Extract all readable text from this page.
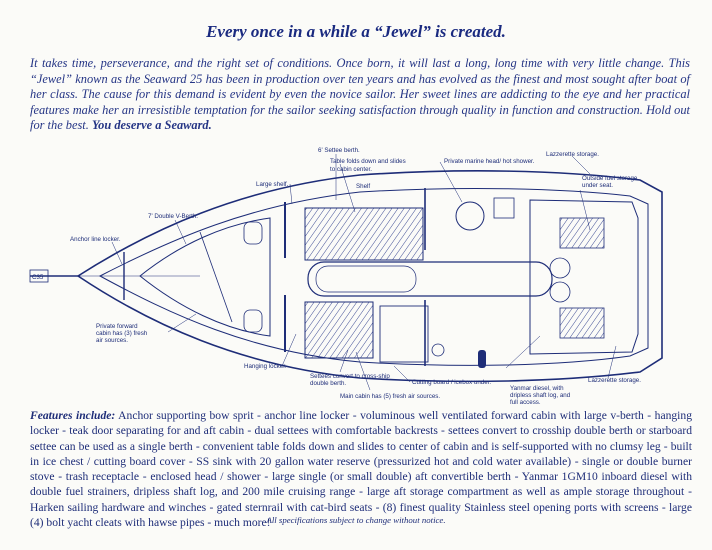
Every once in a while a “Jewel” is created.
It takes time, perseverance, and the right set of conditions. Once born, it will last a long, long time with very little change. This “Jewel” known as the Seaward 25 has been in production over ten years and has evolved as the finest and most sought after boat of her class. The cause for this demand is evident by even the novice sailor. Her sweet lines are addicting to the eye and her practical features make her an irresistible temptation for the sailor seeking satisfaction through quality in function and construction. Hold out for the best. You deserve a Seaward.
C35
6' Settee berth.
Table folds down and slides
to cabin center.
Private marine head/ hot shower.
Lazzerette storage.
Large shelf.	Shelf
Outside fuel storage
under seat.
7' Double V-Berth.
Anchor line locker.
Private forward
cabin has (3) fresh
air sources.
Hanging locker.
Settees convert to cross-ship
double berth.
Main cabin has (5) fresh air sources.
Cutting board / icebox under.
Yanmar diesel, with
dripless shaft log, and
full access.
Lazzerette storage.
Features include: Anchor supporting bow sprit - anchor line locker - voluminous well ventilated forward cabin with large v-berth - hanging locker - teak door separating for and aft cabin - dual settees with comfortable backrests - settees convert to crosship double berth or starboard settee can be used as a single berth - convenient table folds down and slides to center of cabin and is self-supported with no clumsy leg - built in ice chest / cutting board cover - SS sink with 20 gallon water reserve (pressurized hot and cold water available) - single or double burner stove - trash receptacle - enclosed head / shower - large single (or small double) aft convertible berth - Yanmar 1GM10 inboard diesel with double fuel strainers, dripless shaft log, and 200 mile cruising range - large aft storage compartment as well as ample storage throughout - Harken sailing hardware and winches - gated sternrail with cat-bird seats - (8) finest quality Stainless steel opening ports with screens - large (4) bolt yacht cleats with hawse pipes - much more!
All specifications subject to change without notice.
